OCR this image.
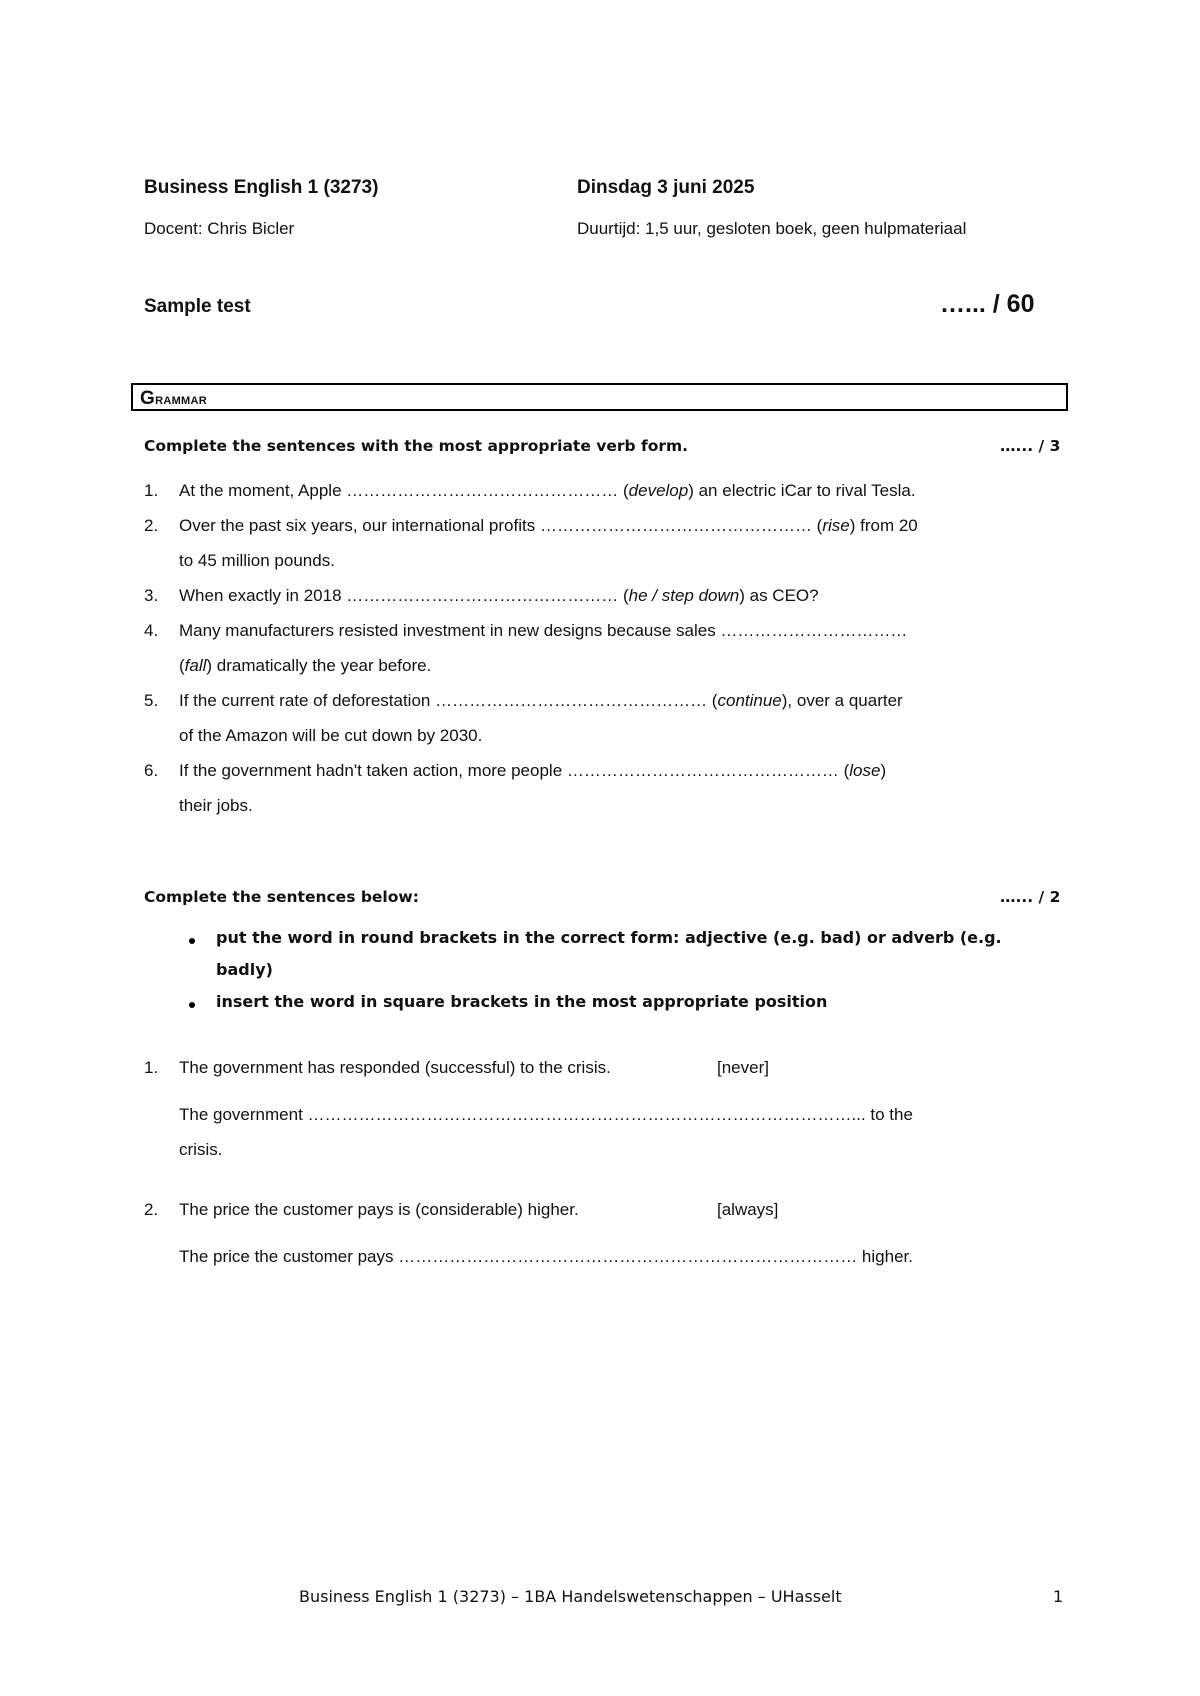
Business English 1 (3273)	Dinsdag 3 juni 2025
Docent: Chris Bicler	Duurtijd: 1,5 uur, gesloten boek, geen hulpmateriaal
Sample test	…... / 60
Grammar
Complete the sentences with the most appropriate verb form.	…... / 3
1. At the moment, Apple ………………………………………… (develop) an electric iCar to rival Tesla.
2. Over the past six years, our international profits ………………………………………… (rise) from 20
to 45 million pounds.
3. When exactly in 2018 ………………………………………… (he / step down) as CEO?
4. Many manufacturers resisted investment in new designs because sales ……………………………
(fall) dramatically the year before.
5. If the current rate of deforestation ………………………………………… (continue), over a quarter
of the Amazon will be cut down by 2030.
6. If the government hadn't taken action, more people ………………………………………… (lose)
their jobs.
Complete the sentences below:	…... / 2
put the word in round brackets in the correct form: adjective (e.g. bad) or adverb (e.g.
badly)
insert the word in square brackets in the most appropriate position
1. The government has responded (successful) to the crisis.	[never]
The government ……………………………………………………………………………………... to the
crisis.
2. The price the customer pays is (considerable) higher.	[always]
The price the customer pays ……………………………………………………………………… higher.
Business English 1 (3273) – 1BA Handelswetenschappen – UHasselt	1
